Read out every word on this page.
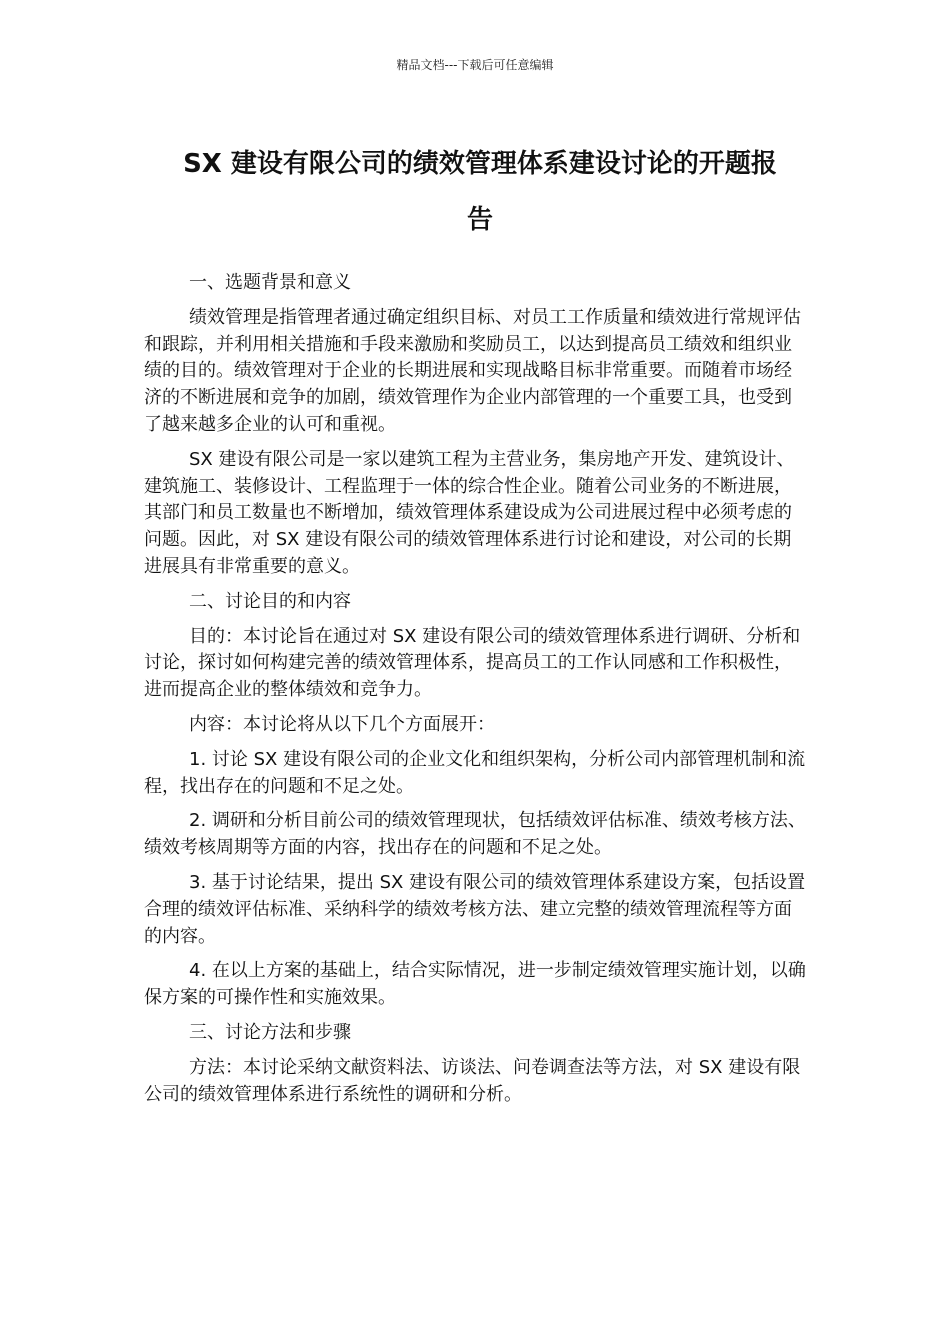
精品文档---下载后可任意编辑
SX 建设有限公司的绩效管理体系建设讨论的开题报
告

一、选题背景和意义

绩效管理是指管理者通过确定组织目标、对员工工作质量和绩效进行常规评估和跟踪，并利用相关措施和手段来激励和奖励员工，以达到提高员工绩效和组织业绩的目的。绩效管理对于企业的长期进展和实现战略目标非常重要。而随着市场经济的不断进展和竞争的加剧，绩效管理作为企业内部管理的一个重要工具，也受到了越来越多企业的认可和重视。

SX 建设有限公司是一家以建筑工程为主营业务，集房地产开发、建筑设计、建筑施工、装修设计、工程监理于一体的综合性企业。随着公司业务的不断进展，其部门和员工数量也不断增加，绩效管理体系建设成为公司进展过程中必须考虑的问题。因此，对 SX 建设有限公司的绩效管理体系进行讨论和建设，对公司的长期进展具有非常重要的意义。

二、讨论目的和内容

目的：本讨论旨在通过对 SX 建设有限公司的绩效管理体系进行调研、分析和讨论，探讨如何构建完善的绩效管理体系，提高员工的工作认同感和工作积极性，进而提高企业的整体绩效和竞争力。

内容：本讨论将从以下几个方面展开：

1. 讨论 SX 建设有限公司的企业文化和组织架构，分析公司内部管理机制和流程，找出存在的问题和不足之处。

2. 调研和分析目前公司的绩效管理现状，包括绩效评估标准、绩效考核方法、绩效考核周期等方面的内容，找出存在的问题和不足之处。

3. 基于讨论结果，提出 SX 建设有限公司的绩效管理体系建设方案，包括设置合理的绩效评估标准、采纳科学的绩效考核方法、建立完整的绩效管理流程等方面的内容。

4. 在以上方案的基础上，结合实际情况，进一步制定绩效管理实施计划，以确保方案的可操作性和实施效果。

三、讨论方法和步骤

方法：本讨论采纳文献资料法、访谈法、问卷调查法等方法，对 SX 建设有限公司的绩效管理体系进行系统性的调研和分析。
